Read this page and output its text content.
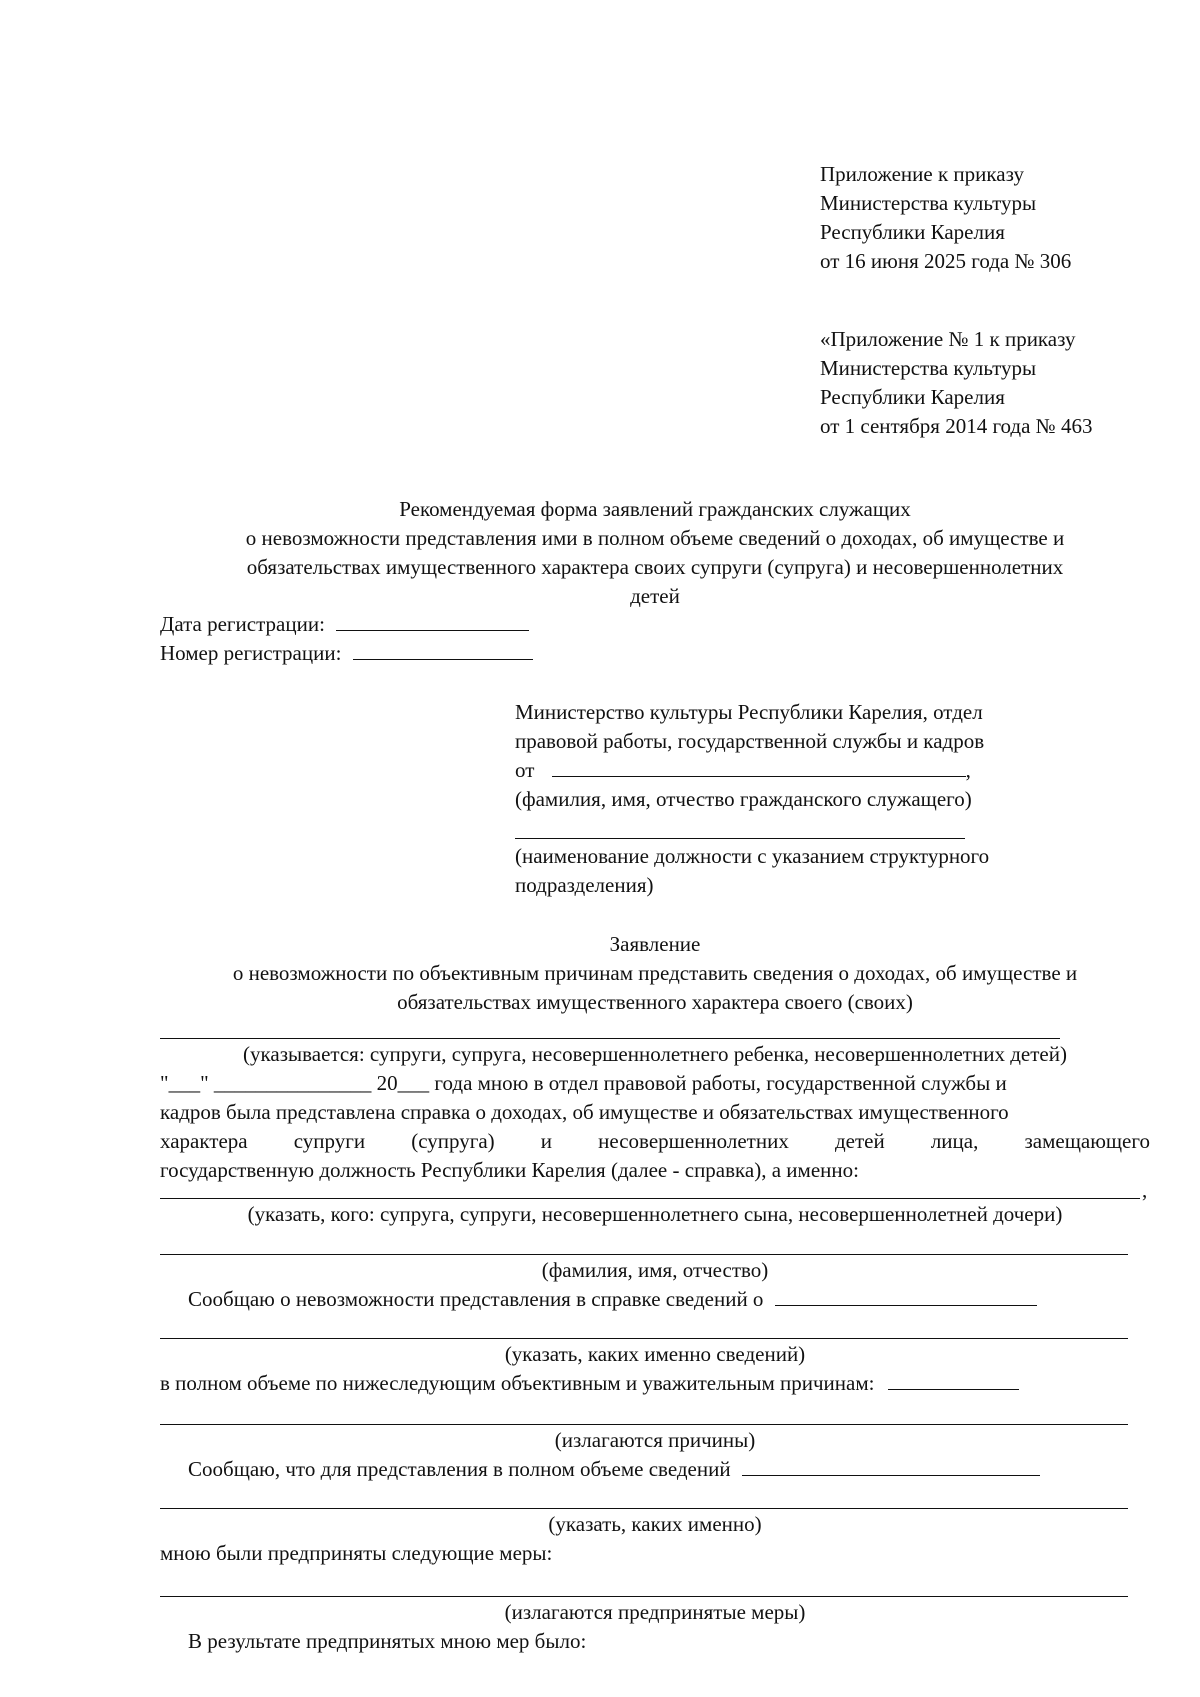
Приложение к приказу
Министерства культуры
Республики Карелия
от 16 июня 2025 года № 306
«Приложение № 1 к приказу
Министерства культуры
Республики Карелия
от 1 сентября 2014 года № 463
Рекомендуемая форма заявлений гражданских служащих
о невозможности представления ими в полном объеме сведений о доходах, об имуществе и
обязательствах имущественного характера своих супруги (супруга) и несовершеннолетних
детей
Дата регистрации:
Номер регистрации:
Министерство культуры Республики Карелия, отдел
правовой работы, государственной службы и кадров
от	,
(фамилия, имя, отчество гражданского служащего)
(наименование должности с указанием структурного
подразделения)
Заявление
о невозможности по объективным причинам представить сведения о доходах, об имуществе и
обязательствах имущественного характера своего (своих)
(указывается: супруги, супруга, несовершеннолетнего ребенка, несовершеннолетних детей)
"___" _______________ 20___ года мною в отдел правовой работы, государственной службы и
кадров была представлена справка о доходах, об имуществе и обязательствах имущественного
характера супруги (супруга) и несовершеннолетних детей лица, замещающего
государственную должность Республики Карелия (далее - справка), а именно:
,
(указать, кого: супруга, супруги, несовершеннолетнего сына, несовершеннолетней дочери)
(фамилия, имя, отчество)
Сообщаю о невозможности представления в справке сведений о
(указать, каких именно сведений)
в полном объеме по нижеследующим объективным и уважительным причинам:
(излагаются причины)
Сообщаю, что для представления в полном объеме сведений
(указать, каких именно)
мною были предприняты следующие меры:
(излагаются предпринятые меры)
В результате предпринятых мною мер было:
